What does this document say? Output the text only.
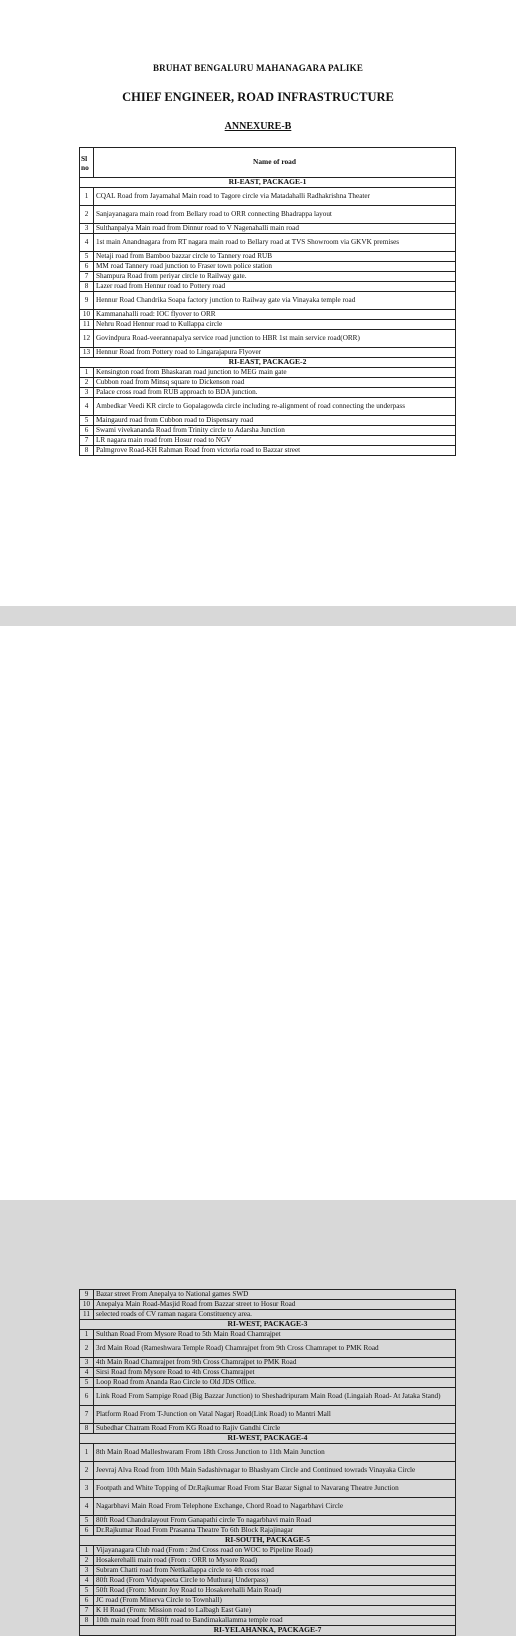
BRUHAT BENGALURU MAHANAGARA PALIKE
CHIEF ENGINEER, ROAD INFRASTRUCTURE
ANNEXURE-B
Sl
no	Name of road
RI-EAST, PACKAGE-1	
1	CQAL Road from Jayamahal Main road to Tagore circle via Matadahalli Radhakrishna Theater
2	Sanjayanagara main road from Bellary road to ORR connecting Bhadrappa layout
3	Sulthanpalya Main road from Dinnur road to V Nagenahalli main road
4	1st main Anandnagara from RT nagara main road to Bellary road at TVS Showroom via GKVK premises
5	Netaji road from Bamboo bazzar circle to Tannery road RUB
6	MM road Tannery road junction to Fraser town police station
7	Shampura Road from periyar circle to Railway gate.
8	Lazer road from Hennur road to Pottery road
9	Hennur Road Chandrika Soapa factory junction to Railway gate via Vinayaka temple road
10	Kammanahalli road: IOC flyover to ORR
11	Nehru Road Hennur road to Kullappa circle
12	Govindpura Road-veerannapalya service road junction to HBR 1st main service road(ORR)
13	Hennur Road from Pottery road to Lingarajapura Flyover
RI-EAST, PACKAGE-2	
1	Kensington road from Bhaskaran road junction to MEG main gate
2	Cubbon road from Minsq square to Dickenson road
3	Palace cross road from RUB approach to BDA junction.
4	Ambedkar Veedi KR circle to Gopalagowda circle including re-alignment of road connecting the underpass
5	Maingaurd road from Cubbon road to Dispensary road
6	Swami vivekananda Road from Trinity circle to Adarsha Junction
7	LR nagara main road from Hosur road to NGV
8	Palmgrove Road-KH Rahman Road from victoria road to Bazzar street
9	Bazar street From Anepalya to National games SWD
10	Anepalya Main Road-Masjid Road from Bazzar street to Hosur Road
11	selected roads of CV raman nagara Constituency area.
RI-WEST, PACKAGE-3	
1	Sulthan Road From Mysore Road to 5th Main Road Chamrajpet
2	3rd Main Road (Rameshwara Temple Road) Chamrajpet from 9th Cross Chamrapet to PMK Road
3	4th Main Road Chamrajpet from 9th Cross Chamrajpet to PMK Road
4	Sirsi Road from Mysore Road to 4th Cross Chamrajpet
5	Loop Road from Ananda Rao Circle to Old JDS Office.
6	Link Road From Sampige Road (Big Bazzar Junction) to Sheshadripuram Main Road (Lingaiah Road- At Jataka Stand)
7	Platform Road From T-Junction on Vatal Nagarj Road(Link Road) to Mantri Mall
8	Subedhar Chatram Road From KG Road to Rajiv Gandhi Circle
RI-WEST, PACKAGE-4	
1	8th Main Road Malleshwaram From 18th Cross Junction to 11th Main Junction
2	Jeevraj Alva Road from 10th Main Sadashivnagar to Bhashyam Circle and Continued towrads Vinayaka Circle
3	Footpath and White Topping of Dr.Rajkumar Road From Star Bazar Signal to Navarang Theatre Junction
4	Nagarbhavi Main Road From Telephone Exchange, Chord Road to Nagarbhavi Circle
5	80ft Road Chandralayout From Ganapathi circle To nagarbhavi main Road
6	Dr.Rajkumar Road From Prasanna Theatre To 6th Block Rajajinagar
RI-SOUTH, PACKAGE-5	
1	Vijayanagara Club road (From : 2nd Cross road on WOC to Pipeline Road)
2	Hosakerehalli main road (From : ORR to Mysore Road)
3	Subram Chatti road from Nettkallappa circle to 4th cross road
4	80ft Road (From Vidyapeeta Circle to Muthuraj Underpass)
5	50ft Road (From: Mount Joy Road to Hosakerehalli Main Road)
6	JC road (From Minerva Circle to Townhall)
7	K H Road (From: Mission road to Lalbagh East Gate)
8	10th main road from 80ft road to Bandimakallamma temple road
RI-YELAHANKA, PACKAGE-7	
